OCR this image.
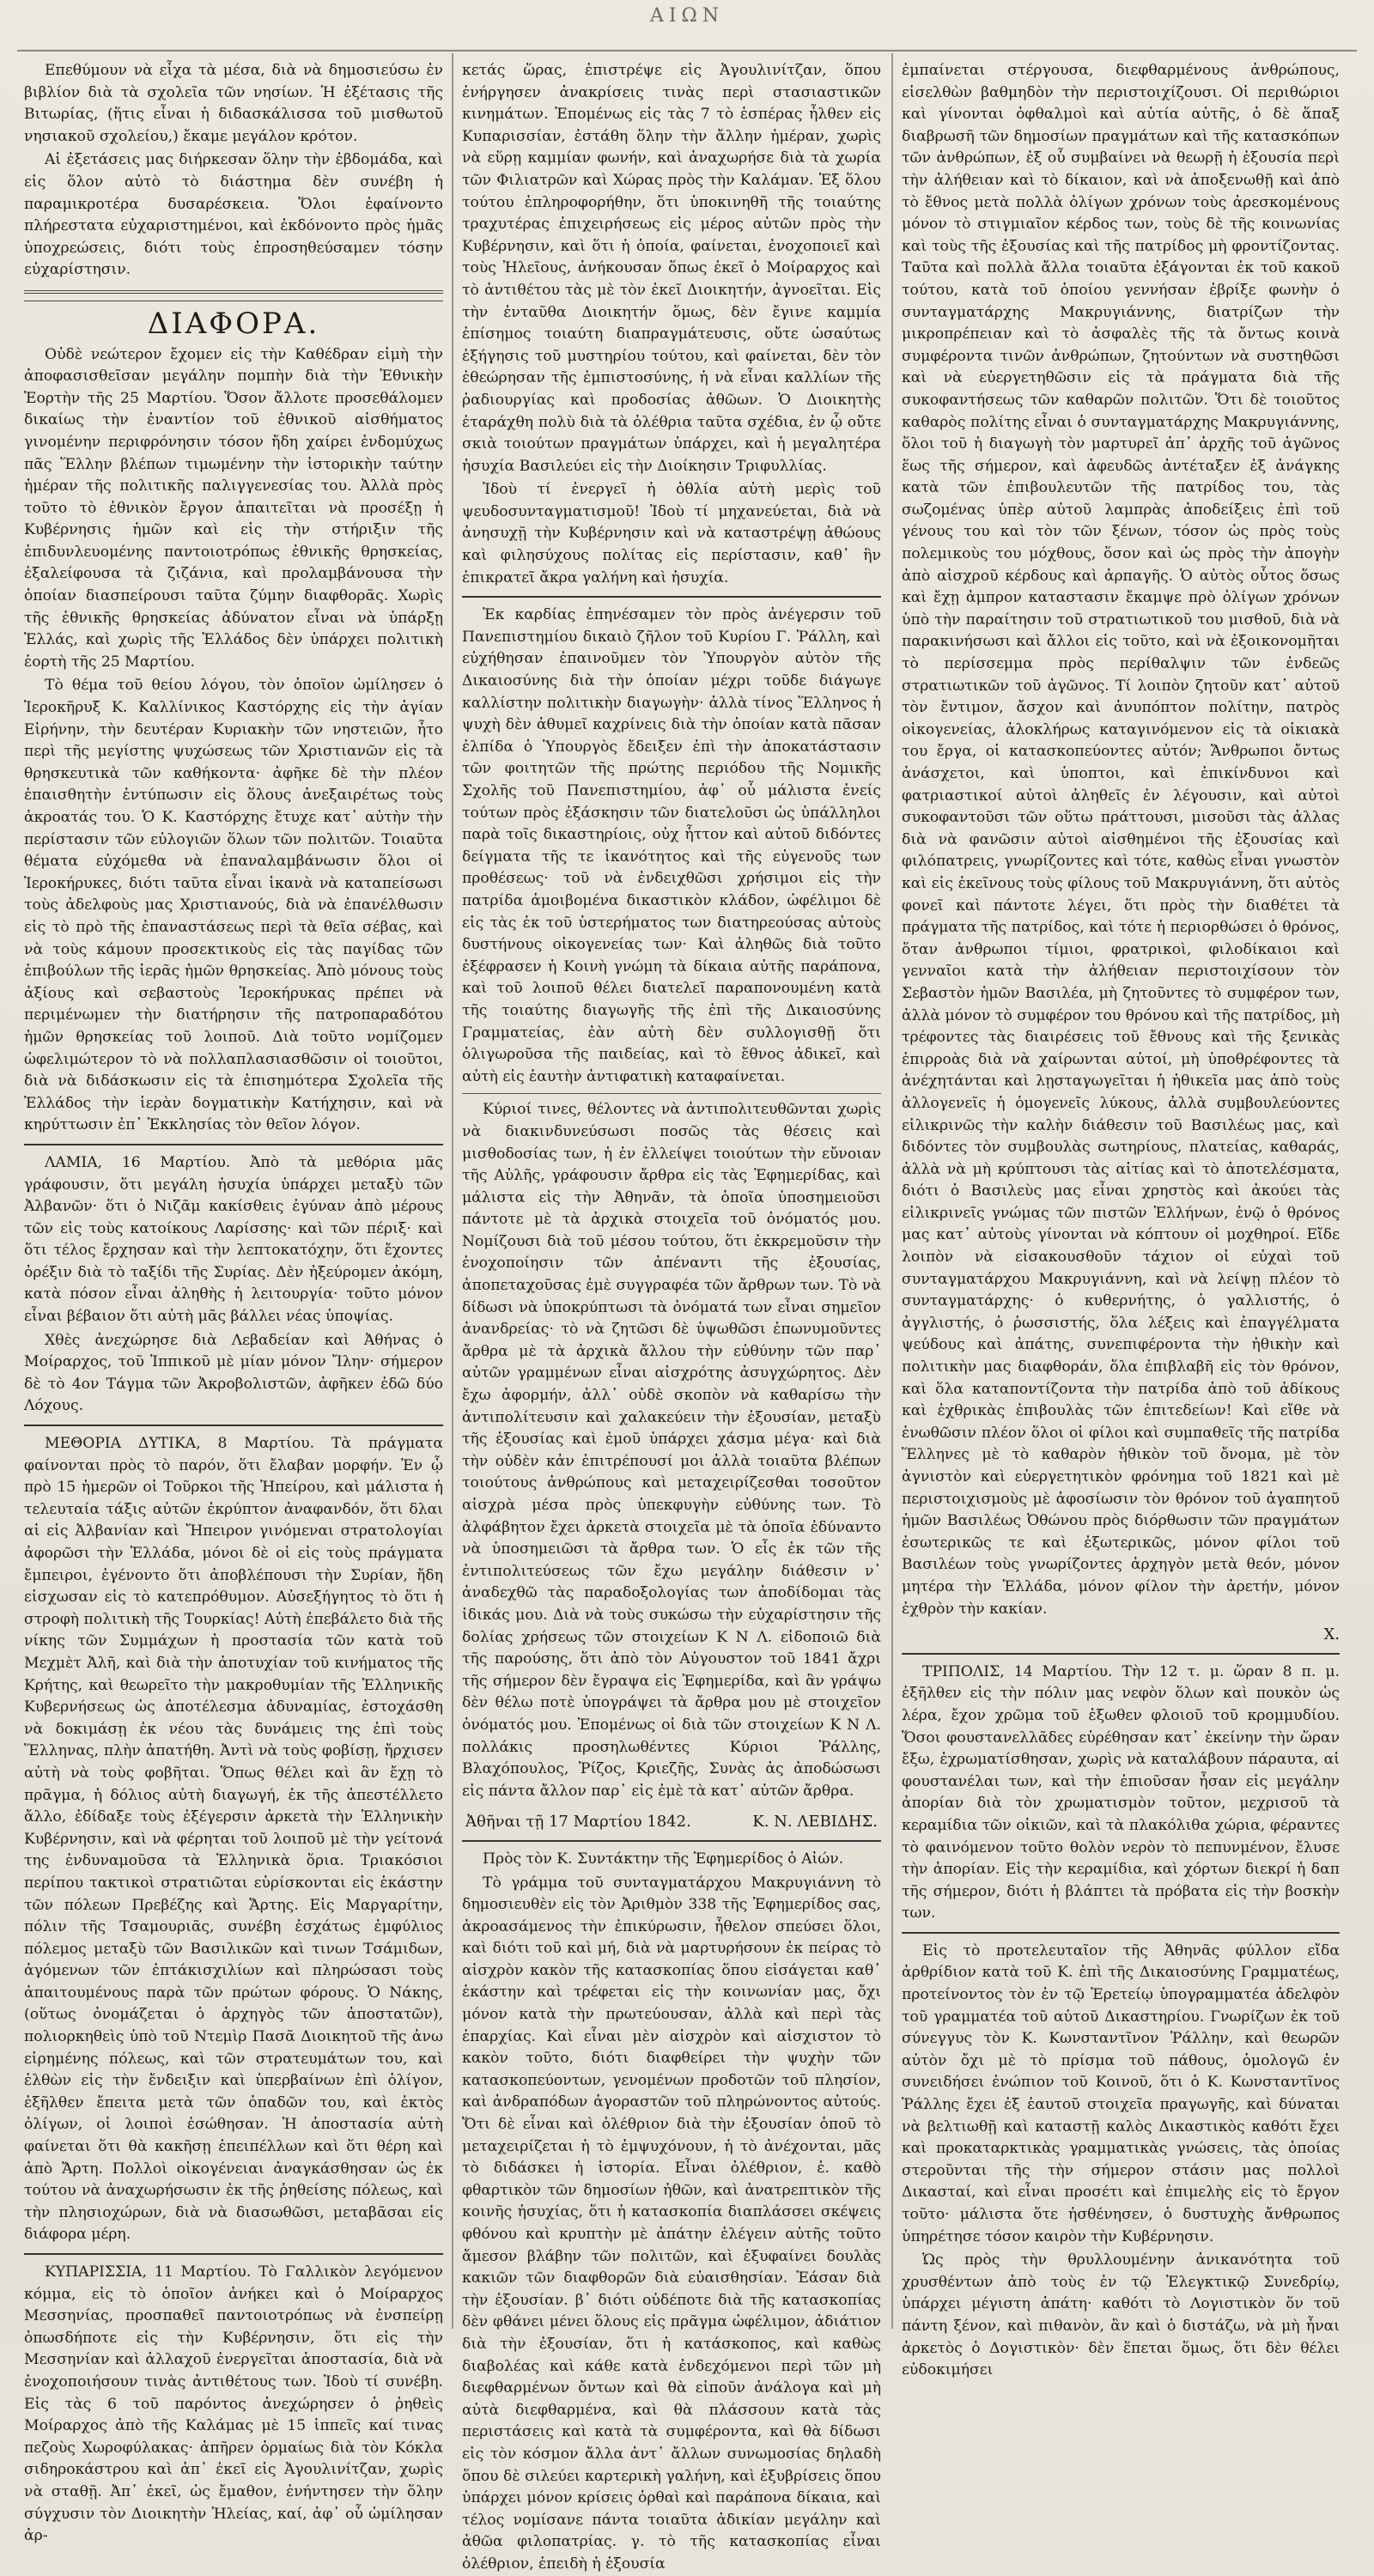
ΑΙΩΝ

Επεθύμουν νὰ εἶχα τὰ μέσα, διὰ νὰ δημοσιεύσω ἐν βιβλίον διὰ τὰ σχολεῖα τῶν νησίων. Ἡ ἐξέτασις τῆς Βιτωρίας, (ἥτις εἶναι ἡ διδασκάλισσα τοῦ μισθωτοῦ νησιακοῦ σχολείου,) ἔκαμε μεγάλον κρότον.

Αἱ ἐξετάσεις μας διήρκεσαν ὅλην τὴν ἑβδομάδα, καὶ εἰς ὅλον αὐτὸ τὸ διάστημα δὲν συνέβη ἡ παραμικροτέρα δυσαρέσκεια. Ὅλοι ἐφαίνοντο πλήρεστατα εὐχαριστημένοι, καὶ ἐκδόνοντο πρὸς ἡμᾶς ὑποχρεώσεις, διότι τοὺς ἐπροσηθεύσαμεν τόσην εὐχαρίστησιν.

ΔΙΑΦΟΡΑ.

Οὐδὲ νεώτερον ἔχομεν εἰς τὴν Καθέδραν εἰμὴ τὴν ἀποφασισθεῖσαν μεγάλην πομπὴν διὰ τὴν Ἐθνικὴν Ἑορτὴν τῆς 25 Μαρτίου. Ὅσον ἄλλοτε προσεθάλομεν δικαίως τὴν ἐναντίον τοῦ ἐθνικοῦ αἰσθήματος γινομένην περιφρόνησιν τόσον ἤδη χαίρει ἐνδομύχως πᾶς Ἕλλην βλέπων τιμωμένην τὴν ἱστορικὴν ταύτην ἡμέραν τῆς πολιτικῆς παλιγγενεσίας του. Ἀλλὰ πρὸς τοῦτο τὸ ἐθνικὸν ἔργον ἀπαιτεῖται νὰ προσέξῃ ἡ Κυβέρνησις ἡμῶν καὶ εἰς τὴν στήριξιν τῆς ἐπιδυνλευομένης παντοιοτρόπως ἐθνικῆς θρησκείας, ἐξαλείφουσα τὰ ζιζάνια, καὶ προλαμβάνουσα τὴν ὁποίαν διασπείρουσι ταῦτα ζύμην διαφθορᾶς. Χωρὶς τῆς ἐθνικῆς θρησκείας ἀδύνατον εἶναι νὰ ὑπάρξῃ Ἑλλάς, καὶ χωρὶς τῆς Ἑλλάδος δὲν ὑπάρχει πολιτικὴ ἑορτὴ τῆς 25 Μαρτίου.

Τὸ θέμα τοῦ θείου λόγου, τὸν ὁποῖον ὡμίλησεν ὁ Ἱεροκῆρυξ Κ. Καλλίνικος Καστόρχης εἰς τὴν ἁγίαν Εἰρήνην, τὴν δευτέραν Κυριακὴν τῶν νηστειῶν, ἦτο περὶ τῆς μεγίστης ψυχώσεως τῶν Χριστιανῶν εἰς τὰ θρησκευτικὰ τῶν καθήκοντα· ἀφῆκε δὲ τὴν πλέον ἐπαισθητὴν ἐντύπωσιν εἰς ὅλους ἀνεξαιρέτως τοὺς ἀκροατάς του. Ὁ Κ. Καστόρχης ἔτυχε κατ᾽ αὐτὴν τὴν περίστασιν τῶν εὐλογιῶν ὅλων τῶν πολιτῶν. Τοιαῦτα θέματα εὐχόμεθα νὰ ἐπαναλαμβάνωσιν ὅλοι οἱ Ἱεροκήρυκες, διότι ταῦτα εἶναι ἱκανὰ νὰ καταπείσωσι τοὺς ἀδελφοὺς μας Χριστιανούς, διὰ νὰ ἐπανέλθωσιν εἰς τὸ πρὸ τῆς ἐπαναστάσεως περὶ τὰ θεῖα σέβας, καὶ νὰ τοὺς κάμουν προσεκτικοὺς εἰς τὰς παγίδας τῶν ἐπιβούλων τῆς ἱερᾶς ἡμῶν θρησκείας. Ἀπὸ μόνους τοὺς ἀξίους καὶ σεβαστοὺς Ἱεροκήρυκας πρέπει νὰ περιμένωμεν τὴν διατήρησιν τῆς πατροπαραδότου ἡμῶν θρησκείας τοῦ λοιποῦ. Διὰ τοῦτο νομίζομεν ὠφελιμώτερον τὸ νὰ πολλαπλασιασθῶσιν οἱ τοιοῦτοι, διὰ νὰ διδάσκωσιν εἰς τὰ ἐπισημότερα Σχολεῖα τῆς Ἑλλάδος τὴν ἱερὰν δογματικὴν Κατήχησιν, καὶ νὰ κηρύττωσιν ἐπ᾽ Ἐκκλησίας τὸν θεῖον λόγον.

ΛΑΜΙΑ, 16 Μαρτίου. Ἀπὸ τὰ μεθόρια μᾶς γράφουσιν, ὅτι μεγάλη ἡσυχία ὑπάρχει μεταξὺ τῶν Ἀλβανῶν· ὅτι ὁ Νιζᾶμ κακίσθεις ἐγύναν ἀπὸ μέρους τῶν εἰς τοὺς κατοίκους Λαρίσσης· καὶ τῶν πέριξ· καὶ ὅτι τέλος ἔρχησαν καὶ τὴν λεπτοκατόχην, ὅτι ἔχοντες ὀρέξιν διὰ τὸ ταξίδι τῆς Συρίας. Δὲν ἠξεύρομεν ἀκόμη, κατὰ πόσον εἶναι ἀληθὴς ἡ λειτουργία· τοῦτο μόνον εἶναι βέβαιον ὅτι αὐτὴ μᾶς βάλλει νέας ὑποψίας.

Χθὲς ἀνεχώρησε διὰ Λεβαδείαν καὶ Ἀθήνας ὁ Μοίραρχος, τοῦ Ἱππικοῦ μὲ μίαν μόνον Ἴλην· σήμερον δὲ τὸ 4ον Τάγμα τῶν Ἀκροβολιστῶν, ἀφῆκεν ἐδῶ δύο Λόχους.

ΜΕΘΟΡΙΑ ΔΥΤΙΚΑ, 8 Μαρτίου. Τὰ πράγματα φαίνονται πρὸς τὸ παρόν, ὅτι ἔλαβαν μορφήν. Ἐν ᾧ πρὸ 15 ἡμερῶν οἱ Τοῦρκοι τῆς Ἠπείρου, καὶ μάλιστα ἡ τελευταία τάξις αὐτῶν ἐκρύπτον ἀναφανδόν, ὅτι δλαι αἱ εἰς Ἀλβανίαν καὶ Ἤπειρον γινόμεναι στρατολογίαι ἀφορῶσι τὴν Ἑλλάδα, μόνοι δὲ οἱ εἰς τοὺς πράγματα ἔμπειροι, ἐγένοντο ὅτι ἀποβλέπουσι τὴν Συρίαν, ἤδη εἰσχωσαν εἰς τὸ κατεπρόθυμον. Αὐσεξήγητος τὸ ὅτι ἡ στροφὴ πολιτικὴ τῆς Τουρκίας! Αὐτὴ ἐπεβάλετο διὰ τῆς νίκης τῶν Συμμάχων ἡ προστασία τῶν κατὰ τοῦ Μεχμὲτ Ἀλῆ, καὶ διὰ τὴν ἀποτυχίαν τοῦ κινήματος τῆς Κρήτης, καὶ θεωρεῖτο τὴν μακροθυμίαν τῆς Ἑλληνικῆς Κυβερνήσεως ὡς ἀποτέλεσμα ἀδυναμίας, ἐστοχάσθη νὰ δοκιμάσῃ ἐκ νέου τὰς δυνάμεις της ἐπὶ τοὺς Ἕλληνας, πλὴν ἀπατήθη. Ἀντὶ νὰ τοὺς φοβίσῃ, ἤρχισεν αὐτὴ νὰ τοὺς φοβῆται. Ὅπως θέλει καὶ ἂν ἔχῃ τὸ πρᾶγμα, ἡ δόλιος αὐτὴ διαγωγή, ἐκ τῆς ἀπεστέλλετο ἄλλο, ἐδίδαξε τοὺς ἐξέγερσιν ἀρκετὰ τὴν Ἑλληνικὴν Κυβέρνησιν, καὶ νὰ φέρηται τοῦ λοιποῦ μὲ τὴν γείτονά της ἐνδυναμοῦσα τὰ Ἑλληνικὰ ὅρια. Τριακόσιοι περίπου τακτικοὶ στρατιῶται εὑρίσκονται εἰς ἑκάστην τῶν πόλεων Πρεβέζης καὶ Ἄρτης. Εἰς Μαργαρίτην, πόλιν τῆς Τσαμουριᾶς, συνέβη ἐσχάτως ἐμφύλιος πόλεμος μεταξὺ τῶν Βασιλικῶν καὶ τινων Τσάμιδων, ἀγόμενων τῶν ἐπτάκισχιλίων καὶ πληρώσασι τοὺς ἀπαιτουμένους παρὰ τῶν πρώτων φόρους. Ὁ Νάκης, (οὕτως ὀνομάζεται ὁ ἀρχηγὸς τῶν ἀποστατῶν), πολιορκηθεὶς ὑπὸ τοῦ Ντεμὶρ Πασᾶ Διοικητοῦ τῆς ἀνω εἰρημένης πόλεως, καὶ τῶν στρατευμάτων του, καὶ ἐλθὼν εἰς τὴν ἔνδειξιν καὶ ὑπερβαίνων ἐπὶ ὀλίγον, ἐξῆλθεν ἔπειτα μετὰ τῶν ὀπαδῶν του, καὶ ἐκτὸς ὀλίγων, οἱ λοιποὶ ἐσώθησαν. Ἡ ἀποστασία αὐτὴ φαίνεται ὅτι θὰ κακῆσῃ ἐπειπέλλων καὶ ὅτι θέρη καὶ ἀπὸ Ἄρτη. Πολλοὶ οἰκογένειαι ἀναγκάσθησαν ὡς ἐκ τούτου νὰ ἀναχωρήσωσιν ἐκ τῆς ῥηθείσης πόλεως, καὶ τὴν πλησιοχώρων, διὰ νὰ διασωθῶσι, μεταβᾶσαι εἰς διάφορα μέρη.

ΚΥΠΑΡΙΣΣΙΑ, 11 Μαρτίου. Τὸ Γαλλικὸν λεγόμενον κόμμα, εἰς τὸ ὁποῖον ἀνήκει καὶ ὁ Μοίραρχος Μεσσηνίας, προσπαθεῖ παντοιοτρόπως νὰ ἐνσπείρῃ ὁπωσδήποτε εἰς τὴν Κυβέρνησιν, ὅτι εἰς τὴν Μεσσηνίαν καὶ ἀλλαχοῦ ἐνεργεῖται ἀποστασία, διὰ νὰ ἐνοχοποιήσουν τινὰς ἀντιθέτους των. Ἰδοὺ τί συνέβη. Εἰς τὰς 6 τοῦ παρόντος ἀνεχώρησεν ὁ ῥηθεὶς Μοίραρχος ἀπὸ τῆς Καλάμας μὲ 15 ἱππεῖς καί τινας πεζοὺς Χωροφύλακας· ἀπῆρεν ὁρμαίως διὰ τὸν Κόκλα σιδηροκάστρου καὶ ἀπ᾽ ἐκεῖ εἰς Ἀγουλινίτζαν, χωρὶς νὰ σταθῇ. Ἀπ᾽ ἐκεῖ, ὡς ἔμαθον, ἐνήντησεν τὴν ὅλην σύγχυσιν τὸν Διοικητὴν Ἠλείας, καί, ἀφ᾽ οὗ ὡμίλησαν ἀρ-

κετάς ὥρας, ἐπιστρέψε εἰς Ἀγουλινίτζαν, ὅπου ἐνήργησεν ἀνακρίσεις τινὰς περὶ στασιαστικῶν κινημάτων. Ἐπομένως εἰς τὰς 7 τὸ ἑσπέρας ἦλθεν εἰς Κυπαρισσίαν, ἐστάθη ὅλην τὴν ἄλλην ἡμέραν, χωρὶς νὰ εὕρῃ καμμίαν φωνήν, καὶ ἀναχωρήσε διὰ τὰ χωρία τῶν Φιλιατρῶν καὶ Χώρας πρὸς τὴν Καλάμαν. Ἐξ ὅλου τούτου ἐπληροφορήθην, ὅτι ὑποκινηθῆ τῆς τοιαύτης τραχυτέρας ἐπιχειρήσεως εἰς μέρος αὐτῶν πρὸς τὴν Κυβέρνησιν, καὶ ὅτι ἡ ὁποία, φαίνεται, ἐνοχοποιεῖ καὶ τοὺς Ἠλεῖους, ἀνήκουσαν ὅπως ἐκεῖ ὁ Μοίραρχος καὶ τὸ ἀντιθέτου τὰς μὲ τὸν ἐκεῖ Διοικητήν, ἀγνοεῖται. Εἰς τὴν ἐνταῦθα Διοικητήν ὅμως, δὲν ἔγινε καμμία ἐπίσημος τοιαύτη διαπραγμάτευσις, οὔτε ὡσαύτως ἐξήγησις τοῦ μυστηρίου τούτου, καὶ φαίνεται, δὲν τὸν ἐθεώρησαν τῆς ἐμπιστοσύνης, ἡ νὰ εἶναι καλλίων τῆς ῥαδιουργίας καὶ προδοσίας ἀθῶων. Ὁ Διοικητὴς ἐταράχθη πολὺ διὰ τὰ ὀλέθρια ταῦτα σχέδια, ἐν ᾧ οὔτε σκιὰ τοιούτων πραγμάτων ὑπάρχει, καὶ ἡ μεγαλητέρα ἡσυχία Βασιλεύει εἰς τὴν Διοίκησιν Τριφυλλίας.

Ἰδοὺ τί ἐνεργεῖ ἡ ὀθλία αὐτὴ μερὶς τοῦ ψευδοσυνταγματισμοῦ! Ἰδοὺ τί μηχανεύεται, διὰ νὰ ἀνησυχῇ τὴν Κυβέρνησιν καὶ νὰ καταστρέψῃ ἀθώους καὶ φιλησύχους πολίτας εἰς περίστασιν, καθ᾽ ἣν ἐπικρατεῖ ἄκρα γαλήνη καὶ ἡσυχία.

Ἐκ καρδίας ἐπηνέσαμεν τὸν πρὸς ἀνέγερσιν τοῦ Πανεπιστημίου δικαιὸ ζῆλον τοῦ Κυρίου Γ. Ῥάλλη, καὶ εὐχήθησαν ἐπαινοῦμεν τὸν Ὑπουργὸν αὐτὸν τῆς Δικαιοσύνης διὰ τὴν ὁποίαν μέχρι τοῦδε διάγωγε καλλίστην πολιτικὴν διαγωγὴν· ἀλλὰ τίνος Ἕλληνος ἡ ψυχὴ δὲν ἀθυμεῖ καχρίνεις διὰ τὴν ὁποίαν κατὰ πᾶσαν ἐλπίδα ὁ Ὑπουργὸς ἔδειξεν ἐπὶ τὴν ἀποκατάστασιν τῶν φοιτητῶν τῆς πρώτης περιόδου τῆς Νομικῆς Σχολῆς τοῦ Πανεπιστημίου, ἀφ᾽ οὗ μάλιστα ἐνείς τούτων πρὸς ἐξάσκησιν τῶν διατελοῦσι ὡς ὑπάλληλοι παρὰ τοῖς δικαστηρίοις, οὐχ ἧττον καὶ αὐτοῦ διδόντες δείγματα τῆς τε ἱκανότητος καὶ τῆς εὐγενοῦς των προθέσεως· τοῦ νὰ ἐνδειχθῶσι χρήσιμοι εἰς τὴν πατρίδα ἀμοιβομένα δικαστικὸν κλάδον, ὠφέλιμοι δὲ εἰς τὰς ἐκ τοῦ ὑστερήματος των διατηρεούσας αὐτοὺς δυστήνους οἰκογενείας των· Καὶ ἀληθῶς διὰ τοῦτο ἐξέφρασεν ἡ Κοινὴ γνώμη τὰ δίκαια αὐτῆς παράπονα, καὶ τοῦ λοιποῦ θέλει διατελεῖ παραπονουμένη κατὰ τῆς τοιαύτης διαγωγῆς τῆς ἐπὶ τῆς Δικαιοσύνης Γραμματείας, ἐὰν αὐτὴ δὲν συλλογισθῇ ὅτι ὀλιγωροῦσα τῆς παιδείας, καὶ τὸ ἔθνος ἀδικεῖ, καὶ αὐτὴ εἰς ἑαυτὴν ἀντιφατικὴ καταφαίνεται.

Κύριοί τινες, θέλοντες νὰ ἀντιπολιτευθῶνται χωρὶς νὰ διακινδυνεύσωσι ποσῶς τὰς θέσεις καὶ μισθοδοσίας των, ἡ ἐν ἐλλείψει τοιούτων τὴν εὔνοιαν τῆς Αὐλῆς, γράφουσιν ἄρθρα εἰς τὰς Ἐφημερίδας, καὶ μάλιστα εἰς τὴν Ἀθηνᾶν, τὰ ὁποῖα ὑποσημειοῦσι πάντοτε μὲ τὰ ἀρχικὰ στοιχεῖα τοῦ ὀνόματός μου. Νομίζουσι διὰ τοῦ μέσου τούτου, ὅτι ἐκκρεμοῦσιν τὴν ἐνοχοποίησιν τῶν ἀπέναντι τῆς ἐξουσίας, ἀποπεταχοῦσας ἐμὲ συγγραφέα τῶν ἄρθρων των. Τὸ νὰ δίδωσι νὰ ὑποκρύπτωσι τὰ ὀνόματά των εἶναι σημεῖον ἀνανδρείας· τὸ νὰ ζητῶσι δὲ ὑψωθῶσι ἐπωνυμοῦντες ἄρθρα μὲ τὰ ἀρχικὰ ἄλλου τὴν εὐθύνην τῶν παρ᾽ αὐτῶν γραμμένων εἶναι αἰσχρότης ἀσυγχώρητος. Δὲν ἔχω ἀφορμήν, ἀλλ᾽ οὐδὲ σκοπὸν νὰ καθαρίσω τὴν ἀντιπολίτευσιν καὶ χαλακεύειν τὴν ἐξουσίαν, μεταξὺ τῆς ἐξουσίας καὶ ἐμοῦ ὑπάρχει χάσμα μέγα· καὶ διὰ τὴν οὐδὲν κἀν ἐπιτρέπουσί μοι ἀλλὰ τοιαῦτα βλέπων τοιούτους ἀνθρώπους καὶ μεταχειρίζεσθαι τοσοῦτον αἰσχρὰ μέσα πρὸς ὑπεκφυγὴν εὐθύνης των. Τὸ ἀλφάβητον ἔχει ἀρκετὰ στοιχεῖα μὲ τὰ ὁποῖα ἐδύναντο νὰ ὑποσημειῶσι τὰ ἄρθρα των. Ὁ εἷς ἐκ τῶν τῆς ἐντιπολιτεύσεως τῶν ἔχω μεγάλην διάθεσιν ν᾽ ἀναδεχθῶ τὰς παραδοξολογίας των ἀποδίδομαι τὰς ἰδικάς μου. Διὰ νὰ τοὺς συκώσω τὴν εὐχαρίστησιν τῆς δολίας χρήσεως τῶν στοιχείων Κ Ν Λ. εἰδοποιῶ διὰ τῆς παρούσης, ὅτι ἀπὸ τὸν Αὐγουστον τοῦ 1841 ἄχρι τῆς σήμερον δὲν ἔγραψα εἰς Ἐφημερίδα, καὶ ἂν γράψω δὲν θέλω ποτὲ ὑπογράψει τὰ ἄρθρα μου μὲ στοιχεῖον ὀνόματός μου. Ἐπομένως οἱ διὰ τῶν στοιχείων Κ Ν Λ. πολλάκις προσηλωθέντες Κύριοι Ῥάλλης, Βλαχόπουλος, Ῥίζος, Κριεζῆς, Συνὰς ἀς ἀποδώσωσι εἰς πάντα ἄλλον παρ᾽ εἰς ἐμὲ τὰ κατ᾽ αὐτῶν ἄρθρα.

Ἀθῆναι τῇ 17 Μαρτίου 1842.	Κ. Ν. ΛΕΒΙΔΗΣ.

Πρὸς τὸν Κ. Συντάκτην τῆς Ἐφημερίδος ὁ Αἰών.

Τὸ γράμμα τοῦ συνταγματάρχου Μακρυγιάννη τὸ δημοσιευθὲν εἰς τὸν Ἀριθμὸν 338 τῆς Ἐφημερίδος σας, ἀκροασάμενος τὴν ἐπικύρωσιν, ἦθελον σπεύσει ὅλοι, καὶ διότι τοῦ καὶ μή, διὰ νὰ μαρτυρήσουν ἐκ πείρας τὸ αἰσχρὸν κακὸν τῆς κατασκοπίας ὅπου εἰσάγεται καθ᾽ ἑκάστην καὶ τρέφεται εἰς τὴν κοινωνίαν μας, ὄχι μόνον κατὰ τὴν πρωτεύουσαν, ἀλλὰ καὶ περὶ τὰς ἐπαρχίας. Καὶ εἶναι μὲν αἰσχρὸν καὶ αἰσχιστον τὸ κακὸν τοῦτο, διότι διαφθείρει τὴν ψυχὴν τῶν κατασκοπεύοντων, γενομένων προδοτῶν τοῦ πλησίον, καὶ ἀνδραπόδων ἀγοραστῶν τοῦ πληρώνοντος αὐτούς. Ὅτι δὲ εἶναι καὶ ὀλέθριον διὰ τὴν ἐξουσίαν ὁποῦ τὸ μεταχειρίζεται ἡ τὸ ἐμψυχόνουν, ἡ τὸ ἀνέχονται, μᾶς τὸ διδάσκει ἡ ἱστορία. Εἶναι ὀλέθριον, ἐ. καθὸ φθαρτικὸν τῶν δημοσίων ἠθῶν, καὶ ἀνατρεπτικὸν τῆς κοινῆς ἡσυχίας, ὅτι ἡ κατασκοπία διαπλάσσει σκέψεις φθόνου καὶ κρυπτὴν μὲ ἀπάτην ἐλέγειν αὐτῆς τοῦτο ἄμεσον βλάβην τῶν πολιτῶν, καὶ ἐξυφαίνει δουλὰς κακιῶν τῶν διαφθορῶν διὰ εὐαισθησίαν. Ἐάσαν διὰ τὴν ἐξουσίαν. β᾽ διότι οὐδέποτε διὰ τῆς κατασκοπίας δὲν φθάνει μένει ὅλους εἰς πρᾶγμα ὠφέλιμον, ἀδιάτιον διὰ τὴν ἐξουσίαν, ὅτι ἡ κατάσκοπος, καὶ καθὼς διαβολέας καὶ κάθε κατὰ ἐνδεχόμενοι περὶ τῶν μὴ διεφθαρμένων ὄντων καὶ θὰ εἰποῦν ἀνάλογα καὶ μὴ αὐτὰ διεφθαρμένα, καὶ θὰ πλάσσουν κατὰ τὰς περιστάσεις καὶ κατὰ τὰ συμφέροντα, καὶ θὰ δίδωσι εἰς τὸν κόσμον ἄλλα ἀντ᾽ ἄλλων συνωμοσίας δηλαδὴ ὅπου δὲ σιλεύει καρτερικὴ γαλήνη, καὶ ἐξυβρίσεις ὅπου ὑπάρχει μόνον κρίσεις ὀρθαὶ καὶ παράπονα δίκαια, καὶ τέλος νομίσανε πάντα τοιαῦτα ἀδικίαν μεγάλην καὶ ἀθῶα φιλοπατρίας. γ. τὸ τῆς κατασκοπίας εἶναι ὀλέθριον, ἐπειδὴ ἡ ἐξουσία

ἐμπαίνεται στέργουσα, διεφθαρμένους ἀνθρώπους, εἰσελθὼν βαθμηδὸν τὴν περιστοιχίζουσι. Οἱ περιθώριοι καὶ γίνονται ὀφθαλμοὶ καὶ αὐτία αὐτῆς, ὁ δὲ ἅπαξ διαβρωσῆ τῶν δημοσίων πραγμάτων καὶ τῆς κατασκόπων τῶν ἀνθρώπων, ἐξ οὗ συμβαίνει νὰ θεωρῇ ἡ ἐξουσία περὶ τὴν ἀλήθειαν καὶ τὸ δίκαιον, καὶ νὰ ἀποξενωθῇ καὶ ἀπὸ τὸ ἔθνος μετὰ πολλὰ ὀλίγων χρόνων τοὺς ἀρεσκομένους μόνον τὸ στιγμιαῖον κέρδος των, τοὺς δὲ τῆς κοινωνίας καὶ τοὺς τῆς ἐξουσίας καὶ τῆς πατρίδος μὴ φροντίζοντας. Ταῦτα καὶ πολλὰ ἄλλα τοιαῦτα ἐξάγονται ἐκ τοῦ κακοῦ τούτου, κατὰ τοῦ ὁποίου γεννήσαν ἐβρίξε φωνὴν ὁ συνταγματάρχης Μακρυγιάννης, διατρίζων τὴν μικροπρέπειαν καὶ τὸ ἀσφαλὲς τῆς τὰ ὄντως κοινὰ συμφέροντα τινῶν ἀνθρώπων, ζητούντων νὰ συστηθῶσι καὶ νὰ εὐεργετηθῶσιν εἰς τὰ πράγματα διὰ τῆς συκοφαντήσεως τῶν καθαρῶν πολιτῶν. Ὅτι δὲ τοιοῦτος καθαρὸς πολίτης εἶναι ὁ συνταγματάρχης Μακρυγιάννης, ὅλοι τοῦ ἡ διαγωγὴ τὸν μαρτυρεῖ ἀπ᾽ ἀρχῆς τοῦ ἀγῶνος ἕως τῆς σήμερον, καὶ ἀφευδῶς ἀντέταξεν ἐξ ἀνάγκης κατὰ τῶν ἐπιβουλευτῶν τῆς πατρίδος του, τὰς σωζομένας ὑπὲρ αὐτοῦ λαμπρὰς ἀποδείξεις ἐπὶ τοῦ γένους του καὶ τὸν τῶν ξένων, τόσον ὡς πρὸς τοὺς πολεμικοὺς του μόχθους, ὅσον καὶ ὡς πρὸς τὴν ἀπογὴν ἀπὸ αἰσχροῦ κέρδους καὶ ἁρπαγῆς. Ὁ αὐτὸς οὗτος ὅσως καὶ ἔχῃ ἀμπρον καταστασιν ἔκαμψε πρὸ ὀλίγων χρόνων ὑπὸ τὴν παραίτησιν τοῦ στρατιωτικοῦ του μισθοῦ, διὰ νὰ παρακινήσωσι καὶ ἄλλοι εἰς τοῦτο, καὶ νὰ ἐξοικονομῆται τὸ περίσσεμμα πρὸς περίθαλψιν τῶν ἐνδεῶς στρατιωτικῶν τοῦ ἀγῶνος. Τί λοιπὸν ζητοῦν κατ᾽ αὐτοῦ τὸν ἔντιμον, ἄσχον καὶ ἀνυπόπτον πολίτην, πατρὸς οἰκογενείας, ἀλοκλήρως καταγινόμενον εἰς τὰ οἰκιακὰ του ἔργα, οἱ κατασκοπεύοντες αὐτόν; Ἄνθρωποι ὄντως ἀνάσχετοι, καὶ ὑποπτοι, καὶ ἐπικίνδυνοι καὶ φατριαστικοί αὐτοὶ ἀληθεῖς ἐν λέγουσιν, καὶ αὐτοὶ συκοφαντοῦσι τῶν οὕτω πράττουσι, μισοῦσι τὰς ἀλλας διὰ νὰ φανῶσιν αὐτοὶ αἰσθημένοι τῆς ἐξουσίας καὶ φιλόπατρεις, γνωρίζοντες καὶ τότε, καθὼς εἶναι γνωστὸν καὶ εἰς ἐκεῖνους τοὺς φίλους τοῦ Μακρυγιάννη, ὅτι αὐτὸς φονεῖ καὶ πάντοτε λέγει, ὅτι πρὸς τὴν διαθέτει τὰ πράγματα τῆς πατρίδος, καὶ τότε ἡ περιορθώσει ὁ θρόνος, ὅταν ἀνθρωποι τίμιοι, φρατρικοὶ, φιλοδίκαιοι καὶ γενναῖοι κατὰ τὴν ἀλήθειαν περιστοιχίσουν τὸν Σεβαστὸν ἡμῶν Βασιλέα, μὴ ζητοῦντες τὸ συμφέρον των, ἀλλὰ μόνον τὸ συμφέρον του θρόνου καὶ τῆς πατρίδος, μὴ τρέφοντες τὰς διαιρέσεις τοῦ ἔθνους καὶ τῆς ξενικὰς ἐπιρροὰς διὰ νὰ χαίρωνται αὐτοί, μὴ ὑποθρέφοντες τὰ ἀνέχητάνται καὶ λῃσταγωγεῖται ἡ ἡθικεῖα μας ἀπὸ τοὺς ἀλλογενεῖς ἡ ὁμογενεῖς λύκους, ἀλλὰ συμβουλεύοντες εἰλικρινῶς τὴν καλὴν διάθεσιν τοῦ Βασιλέως μας, καὶ διδόντες τὸν συμβουλὰς σωτηρίους, πλατείας, καθαράς, ἀλλὰ νὰ μὴ κρύπτουσι τὰς αἰτίας καὶ τὸ ἀποτελέσματα, διότι ὁ Βασιλεὺς μας εἶναι χρηστὸς καὶ ἀκούει τὰς εἰλικρινεῖς γνώμας τῶν πιστῶν Ἑλλήνων, ἐνῷ ὁ θρόνος μας κατ᾽ αὐτοὺς γίνονται νὰ κόπτουν οἱ μοχθηροί. Εἴδε λοιπὸν νὰ εἰσακουσθοῦν τάχιον οἱ εὐχαὶ τοῦ συνταγματάρχου Μακρυγιάννη, καὶ νὰ λείψῃ πλέον τὸ συνταγματάρχης· ὁ κυθερνήτης, ὁ γαλλιστής, ὁ ἀγγλιστής, ὁ ῥωσσιστής, ὅλα λέξεις καὶ ἐπαγγέλματα ψεύδους καὶ ἀπάτης, συνεπιφέροντα τὴν ἠθικὴν καὶ πολιτικὴν μας διαφθοράν, ὅλα ἐπιβλαβῆ εἰς τὸν θρόνον, καὶ ὅλα καταποντίζοντα τὴν πατρίδα ἀπὸ τοῦ ἀδίκους καὶ ἐχθρικὰς ἐπιβουλὰς τῶν ἐπιτεδείων! Καὶ εἴθε νὰ ἑνωθῶσιν πλέον ὅλοι οἱ φίλοι καὶ συμπαθεῖς τῆς πατρίδα Ἕλληνες μὲ τὸ καθαρὸν ἠθικὸν τοῦ ὄνομα, μὲ τὸν ἀγνιστὸν καὶ εὐεργετητικὸν φρόνημα τοῦ 1821 καὶ μὲ περιστοιχισμοὺς μὲ ἀφοσίωσιν τὸν θρόνον τοῦ ἀγαπητοῦ ἡμῶν Βασιλέως Ὀθώνου πρὸς διόρθωσιν τῶν πραγμάτων ἐσωτερικῶς τε καὶ ἐξωτερικῶς, μόνον φίλοι τοῦ Βασιλέων τοὺς γνωρίζοντες ἀρχηγὸν μετὰ θεόν, μόνον μητέρα τὴν Ἑλλάδα, μόνον φίλον τὴν ἀρετήν, μόνον ἐχθρὸν τὴν κακίαν.

Χ.

ΤΡΙΠΟΛΙΣ, 14 Μαρτίου. Τὴν 12 τ. μ. ὥραν 8 π. μ. ἐξῆλθεν εἰς τὴν πόλιν μας νεφὸν ὅλων καὶ πουκὸν ὡς λέρα, ἔχον χρῶμα τοῦ ἐξωθεν φλοιοῦ τοῦ κρομμυδίου. Ὅσοι φουστανελλᾶδες εὑρέθησαν κατ᾽ ἐκείνην τὴν ὥραν ἔξω, ἐχρωματίσθησαν, χωρὶς νὰ καταλάβουν πάραυτα, αἱ φουστανέλαι των, καὶ τὴν ἐπιοῦσαν ἦσαν εἰς μεγάλην ἀπορίαν διὰ τὸν χρωματισμὸν τοῦτον, μεχρισοῦ τὰ κεραμίδια τῶν οἰκιῶν, καὶ τὰ πλακόλιθα χώρια, φέραντες τὸ φαινόμενον τοῦτο θολὸν νερὸν τὸ πεπυνμένον, ἔλυσε τὴν ἀπορίαν. Εἰς τὴν κεραμίδια, καὶ χόρτων διεκρί ἡ δαπ τῆς σήμερον, διότι ἡ βλάπτει τὰ πρόβατα εἰς τὴν βοσκὴν των.

Εἰς τὸ προτελευταῖον τῆς Ἀθηνᾶς φύλλον εἴδα ἀρθρίδιον κατὰ τοῦ Κ. ἐπὶ τῆς Δικαιοσύνης Γραμματέως, προτείνοντος τὸν ἐν τῷ Ἐρετείῳ ὑπογραμματέα ἀδελφὸν τοῦ γραμματέα τοῦ αὐτοῦ Δικαστηρίου. Γνωρίζων ἐκ τοῦ σύνεγγυς τὸν Κ. Κωνσταντῖνον Ῥάλλην, καὶ θεωρῶν αὐτὸν ὄχι μὲ τὸ πρίσμα τοῦ πάθους, ὁμολογῶ ἐν συνειδήσει ἐνώπιον τοῦ Κοινοῦ, ὅτι ὁ Κ. Κωνσταντῖνος Ῥάλλης ἔχει ἐξ ἑαυτοῦ στοιχεῖα πραγωγῆς, καὶ δύναται νὰ βελτιωθῇ καὶ καταστῇ καλὸς Δικαστικὸς καθότι ἔχει καὶ προκαταρκτικὰς γραμματικὰς γνώσεις, τὰς ὁποίας στεροῦνται τῆς τὴν σήμερον στάσιν μας πολλοὶ Δικασταί, καὶ εἶναι προσέτι καὶ ἐπιμελὴς εἰς τὸ ἔργον τοῦτο· μάλιστα ὅτε ἠσθένησεν, ὁ δυστυχὴς ἄνθρωπος ὑπηρέτησε τόσον καιρὸν τὴν Κυβέρνησιν.

Ὡς πρὸς τὴν θρυλλουμένην ἀνικανότητα τοῦ χρυσθέντων ἀπὸ τοὺς ἐν τῷ Ἐλεγκτικῷ Συνεδρίῳ, ὑπάρχει μέγιστη ἀπάτη· καθότι τὸ Λογιστικὸν ὅν τοῦ πάντη ξένον, καὶ πιθανὸν, ἂν καὶ ὁ διστάζω, νὰ μὴ ἦναι ἀρκετὸς ὁ Δογιστικὸν· δὲν ἕπεται ὅμως, ὅτι δὲν θέλει εὐδοκιμήσει
